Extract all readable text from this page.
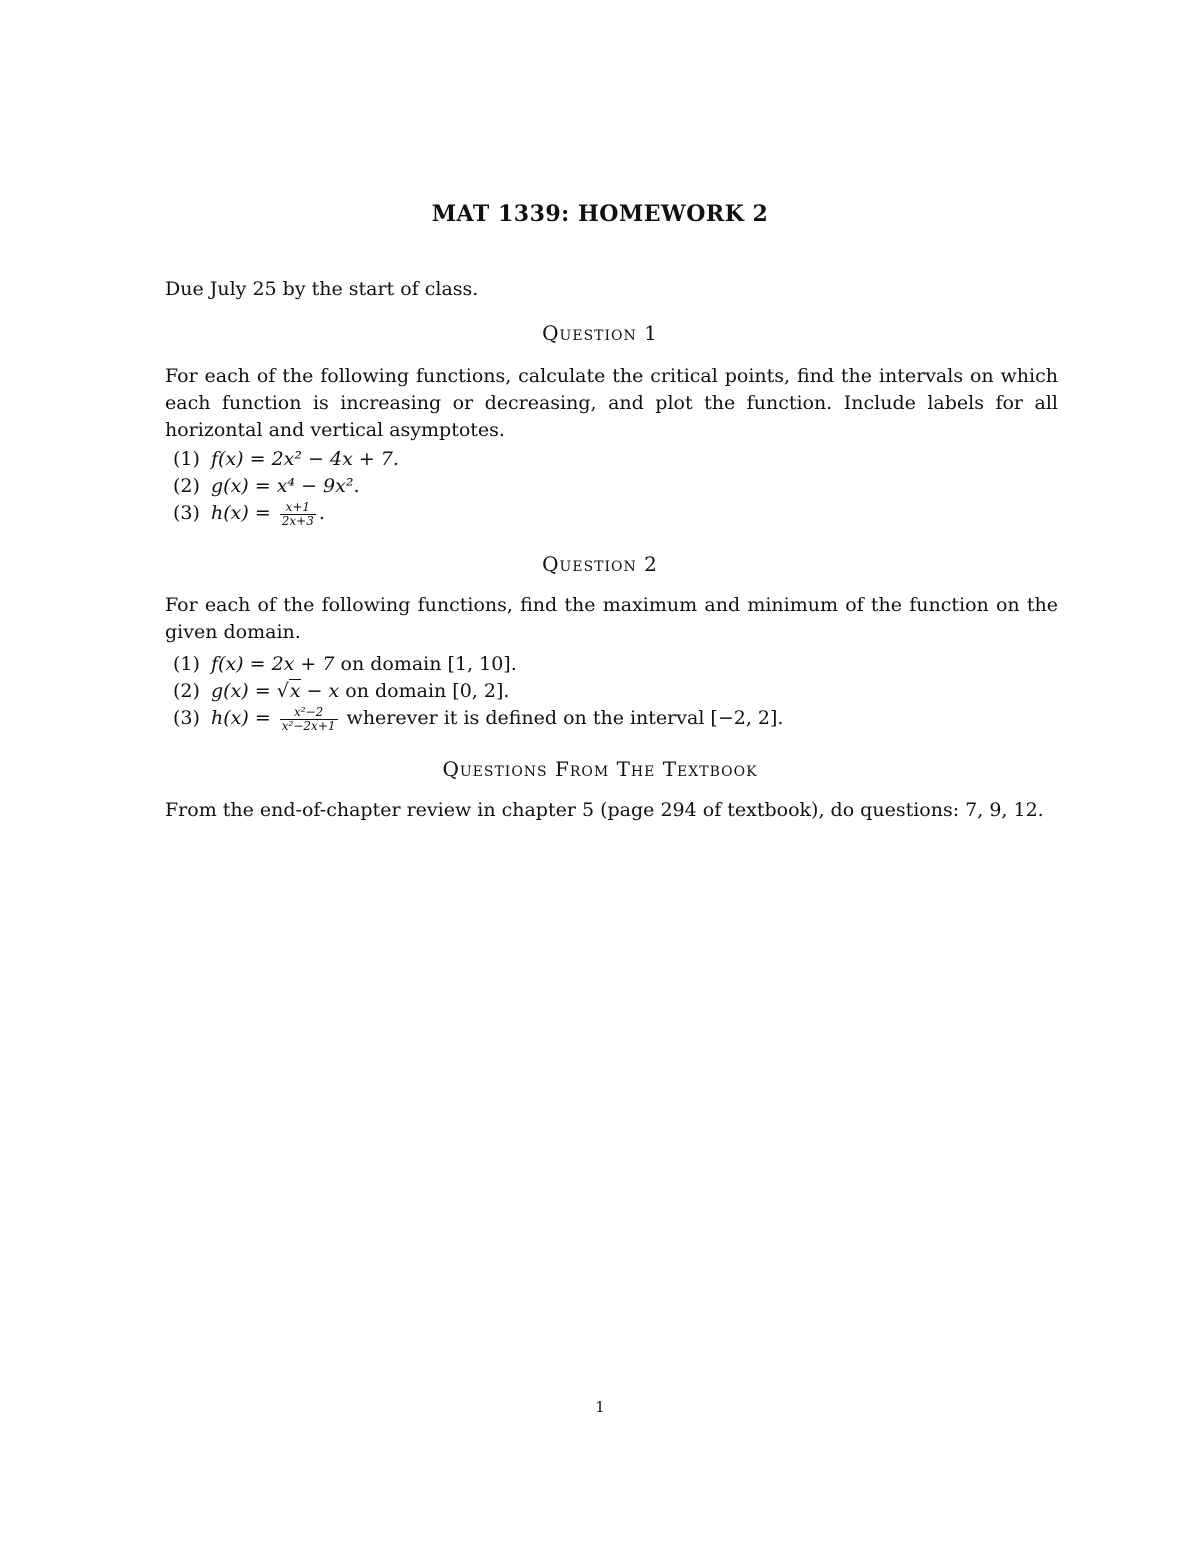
MAT 1339: HOMEWORK 2
Due July 25 by the start of class.
Question 1
For each of the following functions, calculate the critical points, find the intervals on which each function is increasing or decreasing, and plot the function. Include labels for all horizontal and vertical asymptotes.
(1) f(x) = 2x² − 4x + 7.
(2) g(x) = x⁴ − 9x².
(3) $h(x) = \frac{x+1}{2x+3}$ .
Question 2
For each of the following functions, find the maximum and minimum of the function on the given domain.
(1) f(x) = 2x + 7 on domain [1, 10].
(2) g(x) = √x − x on domain [0, 2].
(3) $h(x) = \frac{\text{x²−2}}{\text{x²−2x+1}}$ wherever it is defined on the interval [−2, 2].
Questions From The Textbook
From the end-of-chapter review in chapter 5 (page 294 of textbook), do questions: 7, 9, 12.
1
